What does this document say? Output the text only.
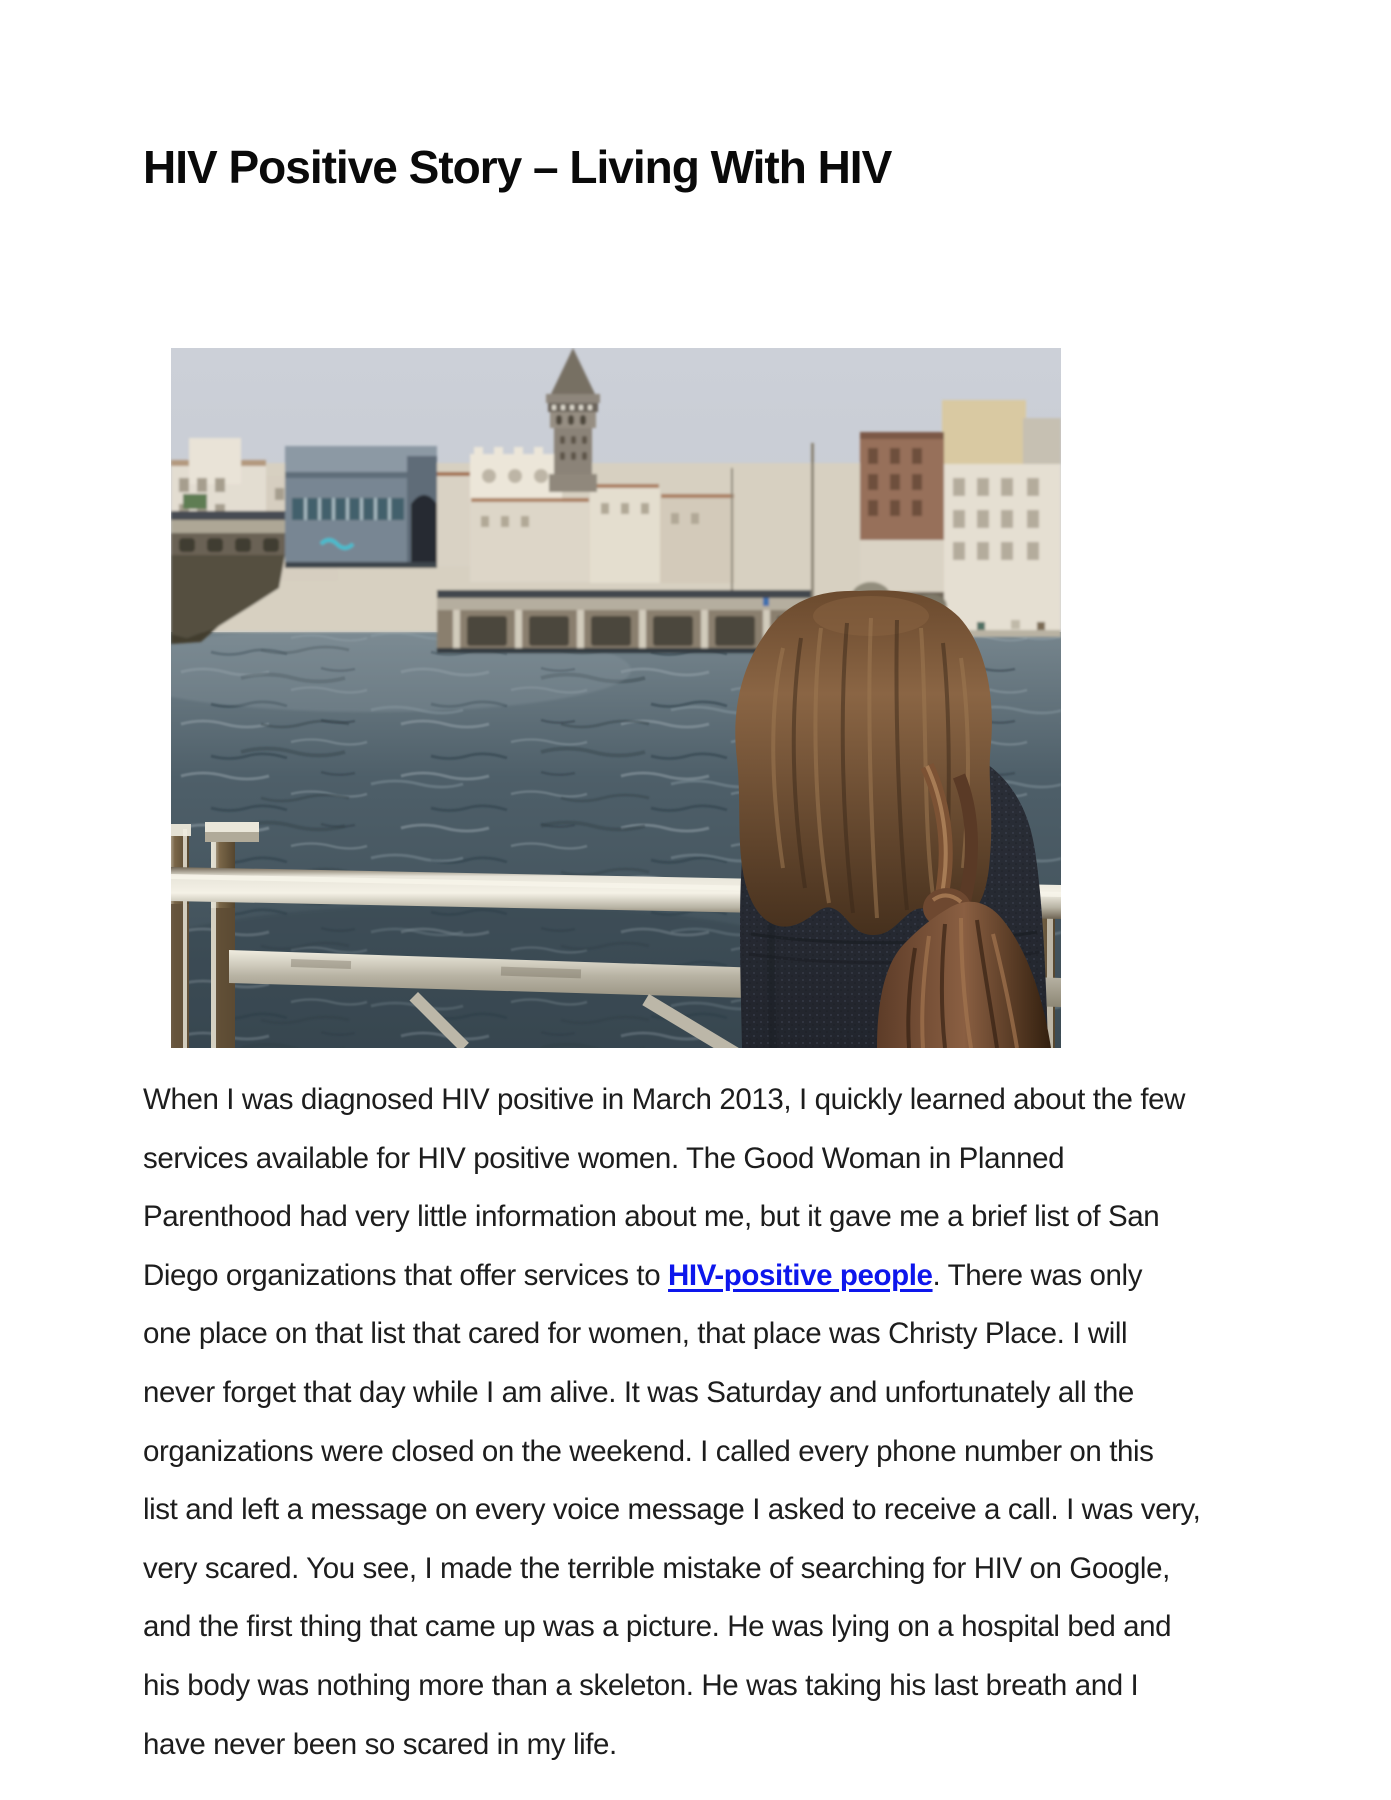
HIV Positive Story – Living With HIV
When I was diagnosed HIV positive in March 2013, I quickly learned about the few
services available for HIV positive women. The Good Woman in Planned
Parenthood had very little information about me, but it gave me a brief list of San
Diego organizations that offer services to HIV-positive people. There was only
one place on that list that cared for women, that place was Christy Place. I will
never forget that day while I am alive. It was Saturday and unfortunately all the
organizations were closed on the weekend. I called every phone number on this
list and left a message on every voice message I asked to receive a call. I was very,
very scared. You see, I made the terrible mistake of searching for HIV on Google,
and the first thing that came up was a picture. He was lying on a hospital bed and
his body was nothing more than a skeleton. He was taking his last breath and I
have never been so scared in my life.
